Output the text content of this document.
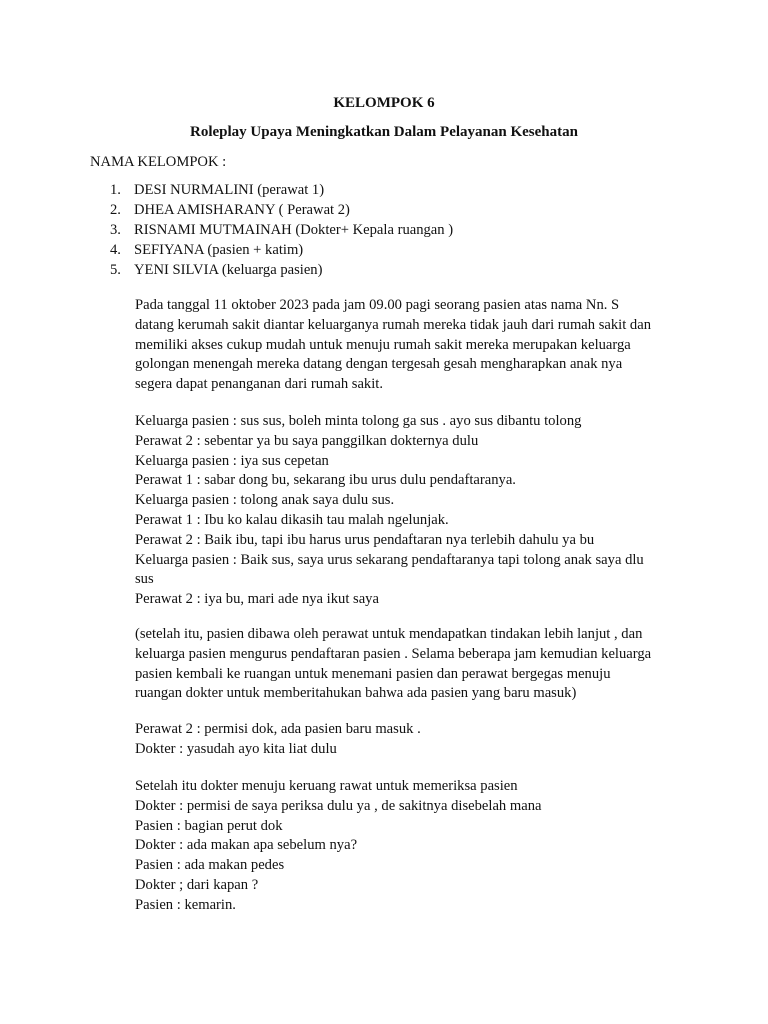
KELOMPOK 6
Roleplay Upaya Meningkatkan Dalam Pelayanan Kesehatan
NAMA KELOMPOK :
1. DESI NURMALINI (perawat 1)
2. DHEA AMISHARANY ( Perawat 2)
3. RISNAMI MUTMAINAH (Dokter+ Kepala ruangan )
4. SEFIYANA (pasien + katim)
5. YENI SILVIA (keluarga pasien)

Pada tanggal 11 oktober 2023 pada jam 09.00 pagi seorang pasien atas nama Nn. S

datang kerumah sakit diantar keluarganya rumah mereka tidak jauh dari rumah sakit dan

memiliki akses cukup mudah untuk menuju rumah sakit mereka merupakan keluarga

golongan menengah mereka datang dengan tergesah gesah mengharapkan anak nya

segera dapat penanganan dari rumah sakit.

Keluarga pasien : sus sus, boleh minta tolong ga sus . ayo sus dibantu tolong

Perawat 2 : sebentar ya bu saya panggilkan dokternya dulu

Keluarga pasien : iya sus cepetan

Perawat 1 : sabar dong bu, sekarang ibu urus dulu pendaftaranya.

Keluarga pasien : tolong anak saya dulu sus.

Perawat 1 : Ibu ko kalau dikasih tau malah ngelunjak.

Perawat 2 : Baik ibu, tapi ibu harus urus pendaftaran nya terlebih dahulu ya bu

Keluarga pasien : Baik sus, saya urus sekarang pendaftaranya tapi tolong anak saya dlu

sus

Perawat 2 : iya bu, mari ade nya ikut saya

(setelah itu, pasien dibawa oleh perawat untuk mendapatkan tindakan lebih lanjut , dan

keluarga pasien mengurus pendaftaran pasien . Selama beberapa jam kemudian keluarga

pasien kembali ke ruangan untuk menemani pasien dan perawat bergegas menuju

ruangan dokter untuk memberitahukan bahwa ada pasien yang baru masuk)

Perawat 2 : permisi dok, ada pasien baru masuk .

Dokter : yasudah ayo kita liat dulu

Setelah itu dokter menuju keruang rawat untuk memeriksa pasien

Dokter : permisi de saya periksa dulu ya , de sakitnya disebelah mana

Pasien : bagian perut dok

Dokter : ada makan apa sebelum nya?

Pasien : ada makan pedes

Dokter ; dari kapan ?

Pasien : kemarin.
